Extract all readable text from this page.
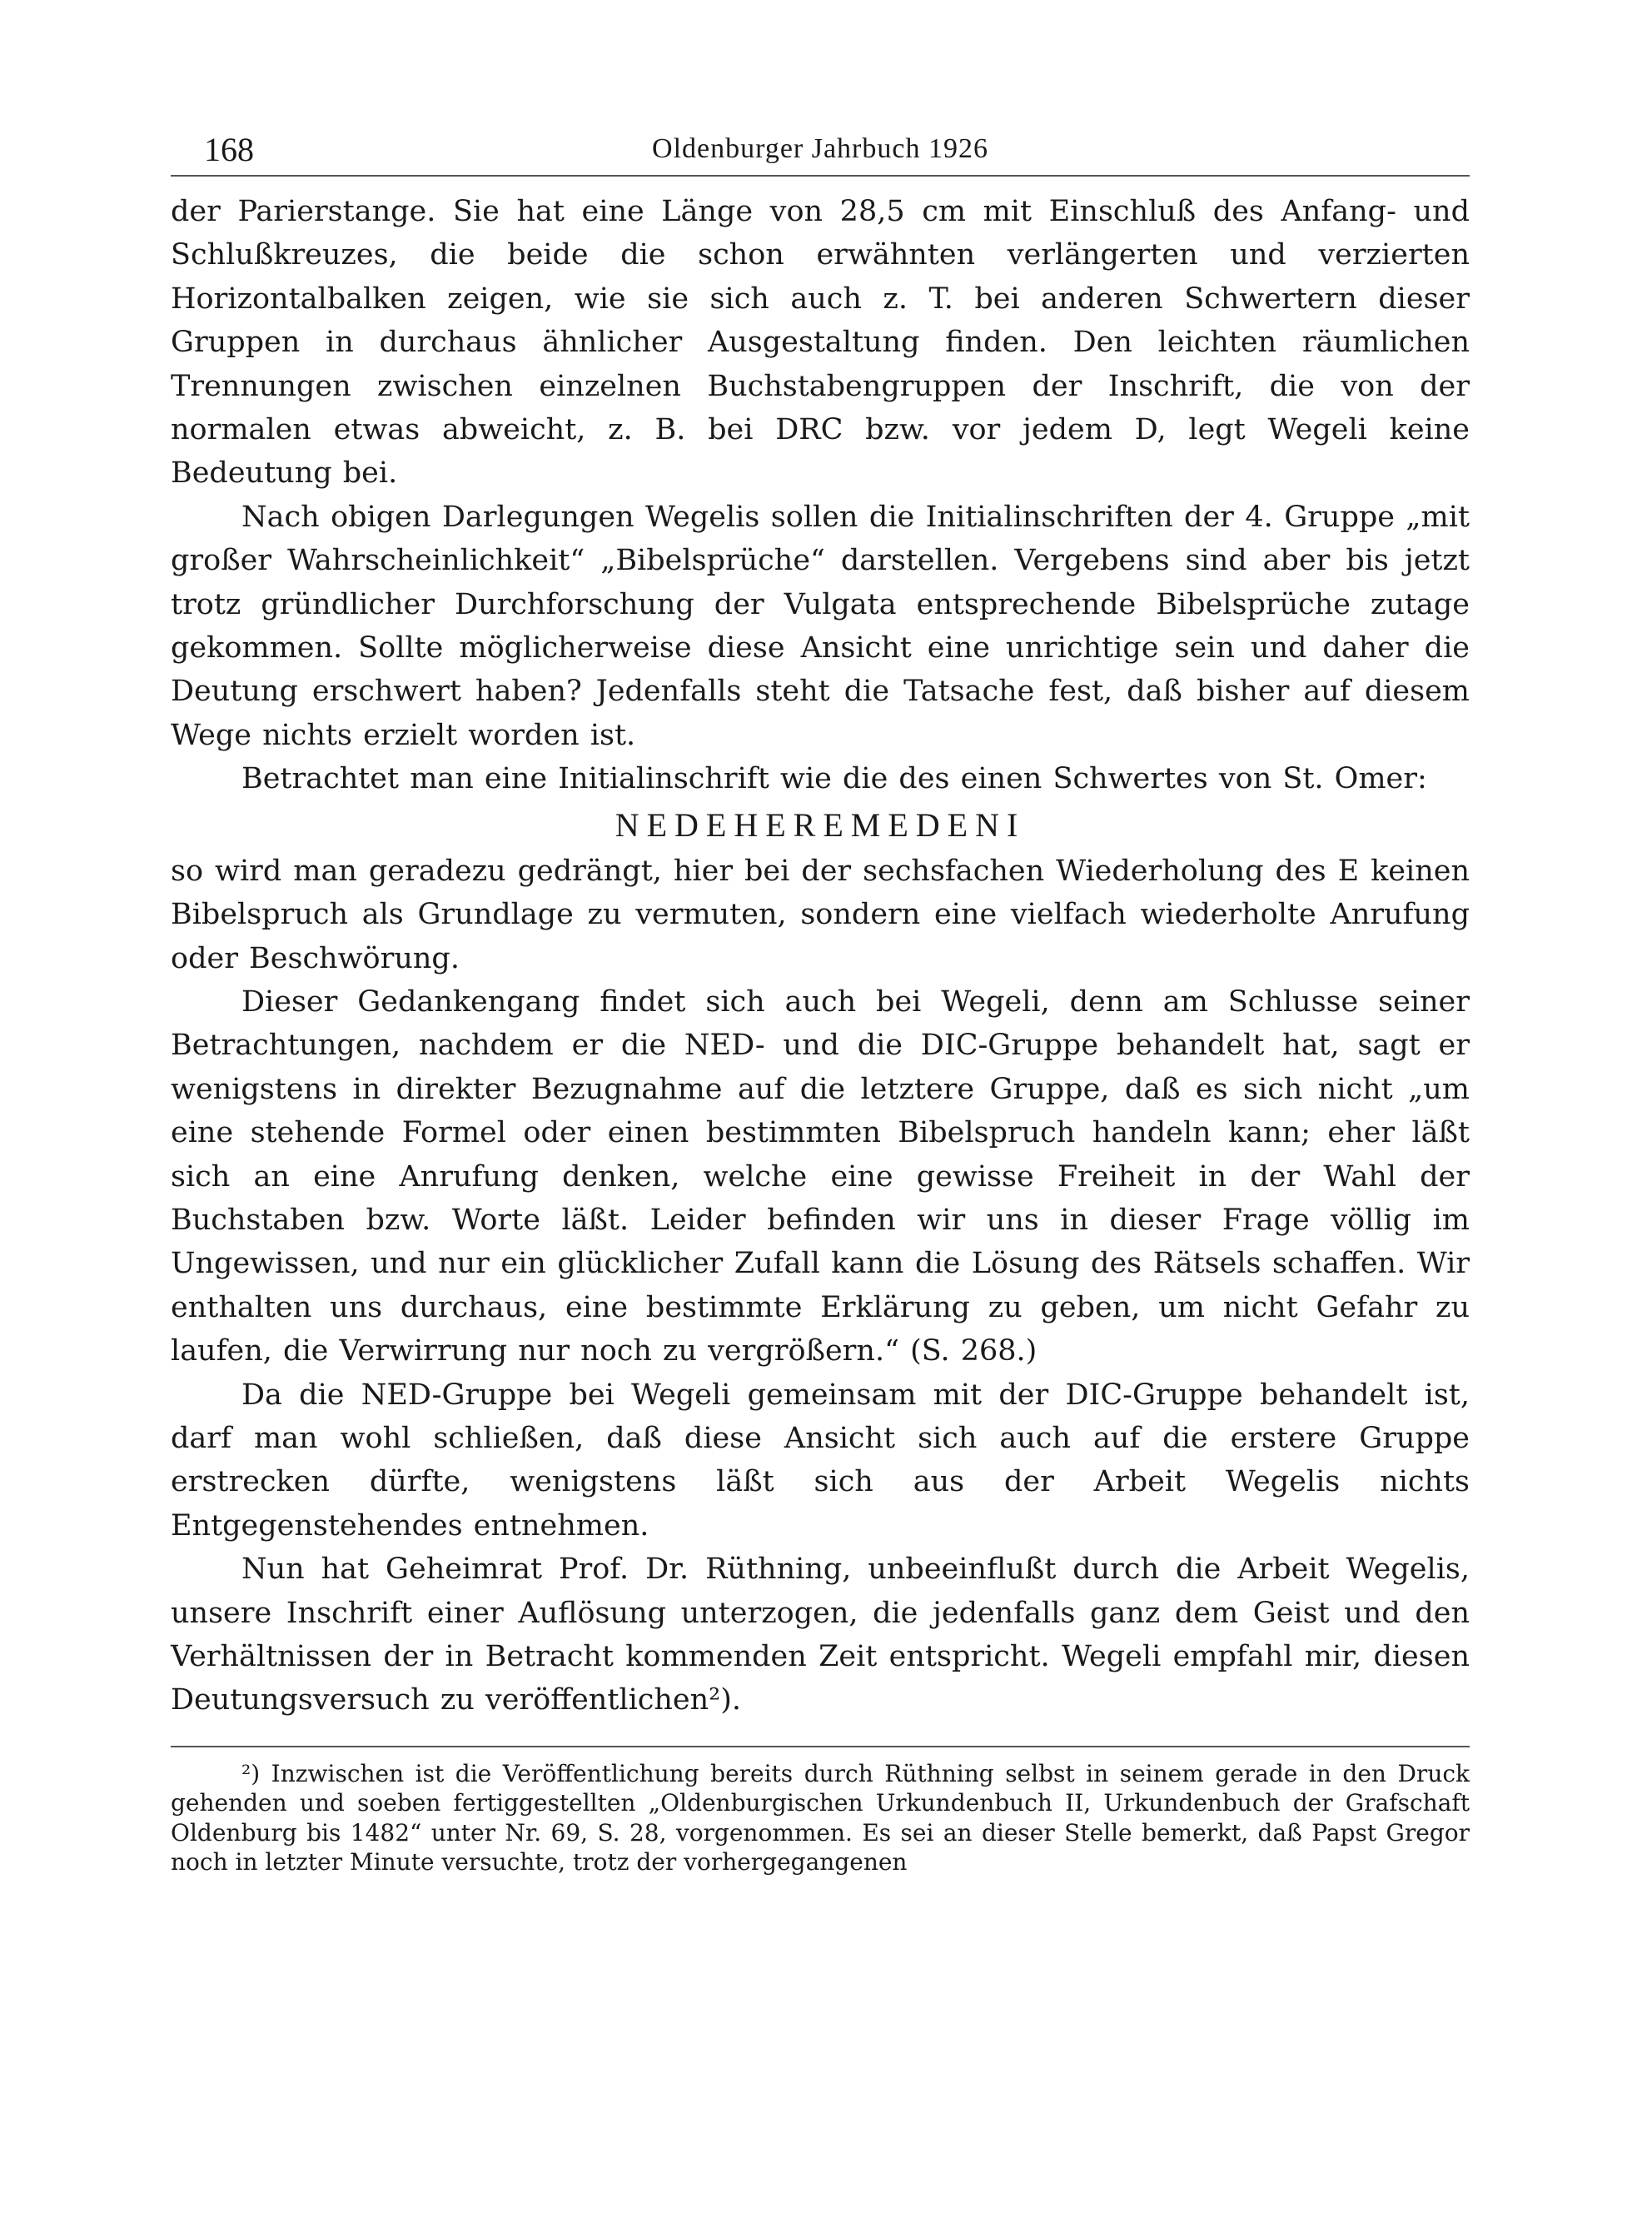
168	Oldenburger Jahrbuch 1926

der Parierstange. Sie hat eine Länge von 28,5 cm mit Einschluß des Anfang- und Schlußkreuzes, die beide die schon erwähnten verlängerten und verzierten Horizontalbalken zeigen, wie sie sich auch z. T. bei anderen Schwertern dieser Gruppen in durchaus ähnlicher Ausgestaltung finden. Den leichten räumlichen Trennungen zwischen einzelnen Buchstabengruppen der Inschrift, die von der normalen etwas abweicht, z. B. bei DRC bzw. vor jedem D, legt Wegeli keine Bedeutung bei.

Nach obigen Darlegungen Wegelis sollen die Initialinschriften der 4. Gruppe „mit großer Wahrscheinlichkeit“ „Bibelsprüche“ darstellen. Vergebens sind aber bis jetzt trotz gründlicher Durchforschung der Vulgata entsprechende Bibelsprüche zutage gekommen. Sollte möglicherweise diese Ansicht eine unrichtige sein und daher die Deutung erschwert haben? Jedenfalls steht die Tatsache fest, daß bisher auf diesem Wege nichts erzielt worden ist.

Betrachtet man eine Initialinschrift wie die des einen Schwertes von St. Omer:

NEDEHEREMEDENI

so wird man geradezu gedrängt, hier bei der sechsfachen Wiederholung des E keinen Bibelspruch als Grundlage zu vermuten, sondern eine vielfach wiederholte Anrufung oder Beschwörung.

Dieser Gedankengang findet sich auch bei Wegeli, denn am Schlusse seiner Betrachtungen, nachdem er die NED- und die DIC-Gruppe behandelt hat, sagt er wenigstens in direkter Bezugnahme auf die letztere Gruppe, daß es sich nicht „um eine stehende Formel oder einen bestimmten Bibelspruch handeln kann; eher läßt sich an eine Anrufung denken, welche eine gewisse Freiheit in der Wahl der Buchstaben bzw. Worte läßt. Leider befinden wir uns in dieser Frage völlig im Ungewissen, und nur ein glücklicher Zufall kann die Lösung des Rätsels schaffen. Wir enthalten uns durchaus, eine bestimmte Erklärung zu geben, um nicht Gefahr zu laufen, die Verwirrung nur noch zu vergrößern.“ (S. 268.)

Da die NED-Gruppe bei Wegeli gemeinsam mit der DIC-Gruppe behandelt ist, darf man wohl schließen, daß diese Ansicht sich auch auf die erstere Gruppe erstrecken dürfte, wenigstens läßt sich aus der Arbeit Wegelis nichts Entgegenstehendes entnehmen.

Nun hat Geheimrat Prof. Dr. Rüthning, unbeeinflußt durch die Arbeit Wegelis, unsere Inschrift einer Auflösung unterzogen, die jedenfalls ganz dem Geist und den Verhältnissen der in Betracht kommenden Zeit entspricht. Wegeli empfahl mir, diesen Deutungsversuch zu veröffentlichen²).

²) Inzwischen ist die Veröffentlichung bereits durch Rüthning selbst in seinem gerade in den Druck gehenden und soeben fertiggestellten „Oldenburgischen Urkundenbuch II, Urkundenbuch der Grafschaft Oldenburg bis 1482“ unter Nr. 69, S. 28, vorgenommen. Es sei an dieser Stelle bemerkt, daß Papst Gregor noch in letzter Minute versuchte, trotz der vorhergegangenen
